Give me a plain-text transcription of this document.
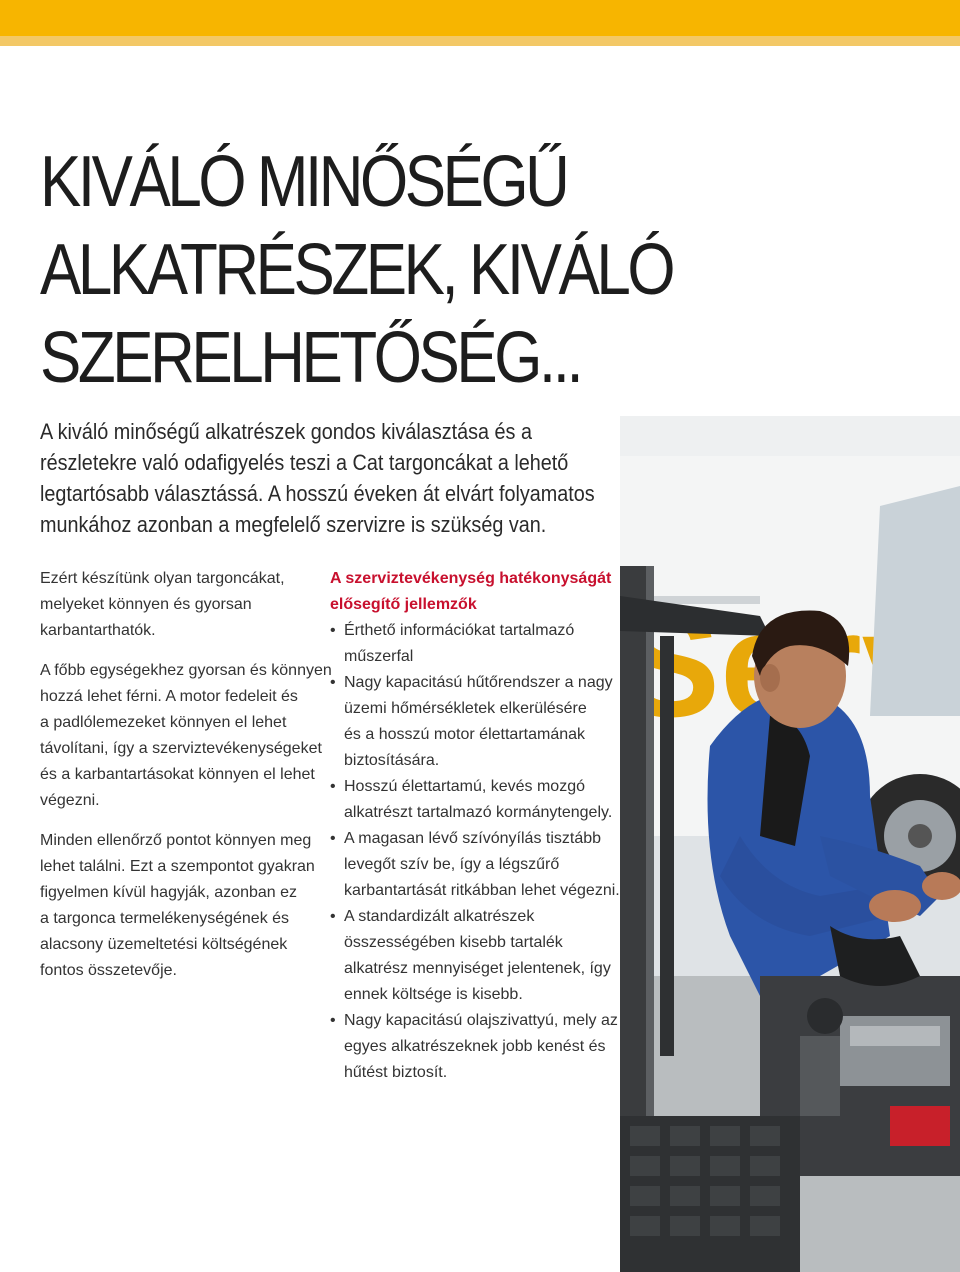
KIVÁLÓ MINŐSÉGŰ
ALKATRÉSZEK, KIVÁLÓ
SZERELHETŐSÉG...
A kiváló minőségű alkatrészek gondos kiválasztása és a
részletekre való odafigyelés teszi a Cat targoncákat a lehető
legtartósabb választássá. A hosszú éveken át elvárt folyamatos
munkához azonban a megfelelő szervizre is szükség van.

Ezért készítünk olyan targoncákat,
melyeket könnyen és gyorsan
karbantarthatók.

A főbb egységekhez gyorsan és könnyen
hozzá lehet férni. A motor fedeleit és
a padlólemezeket könnyen el lehet
távolítani, így a szerviztevékenységeket
és a karbantartásokat könnyen el lehet
végezni.

Minden ellenőrző pontot könnyen meg
lehet találni. Ezt a szempontot gyakran
figyelmen kívül hagyják, azonban ez
a targonca termelékenységének és
alacsony üzemeltetési költségének
fontos összetevője.

A szerviztevékenység hatékonyságát
elősegítő jellemzők
• Érthető információkat tartalmazó
műszerfal
• Nagy kapacitású hűtőrendszer a nagy
üzemi hőmérsékletek elkerülésére
és a hosszú motor élettartamának
biztosítására.
• Hosszú élettartamú, kevés mozgó
alkatrészt tartalmazó kormánytengely.
• A magasan lévő szívónyílás tisztább
levegőt szív be, így a légszűrő
karbantartását ritkábban lehet végezni.
• A standardizált alkatrészek
összességében kisebb tartalék
alkatrész mennyiséget jelentenek, így
ennek költsége is kisebb.
• Nagy kapacitású olajszivattyú, mely az
egyes alkatrészeknek jobb kenést és
hűtést biztosít.
